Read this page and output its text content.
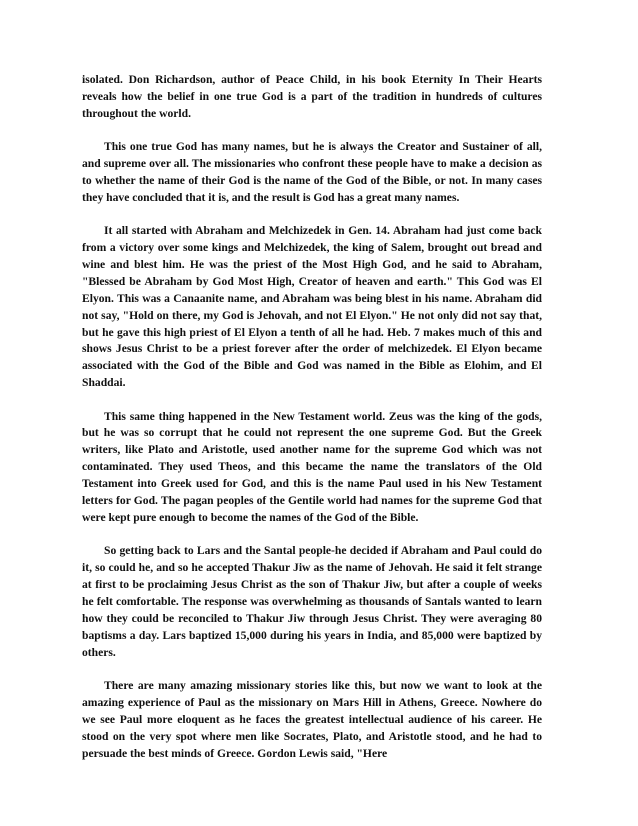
isolated. Don Richardson, author of Peace Child, in his book Eternity In Their Hearts reveals how the belief in one true God is a part of the tradition in hundreds of cultures throughout the world.

This one true God has many names, but he is always the Creator and Sustainer of all, and supreme over all. The missionaries who confront these people have to make a decision as to whether the name of their God is the name of the God of the Bible, or not. In many cases they have concluded that it is, and the result is God has a great many names.

It all started with Abraham and Melchizedek in Gen. 14. Abraham had just come back from a victory over some kings and Melchizedek, the king of Salem, brought out bread and wine and blest him. He was the priest of the Most High God, and he said to Abraham, "Blessed be Abraham by God Most High, Creator of heaven and earth." This God was El Elyon. This was a Canaanite name, and Abraham was being blest in his name. Abraham did not say, "Hold on there, my God is Jehovah, and not El Elyon." He not only did not say that, but he gave this high priest of El Elyon a tenth of all he had. Heb. 7 makes much of this and shows Jesus Christ to be a priest forever after the order of melchizedek. El Elyon became associated with the God of the Bible and God was named in the Bible as Elohim, and El Shaddai.

This same thing happened in the New Testament world. Zeus was the king of the gods, but he was so corrupt that he could not represent the one supreme God. But the Greek writers, like Plato and Aristotle, used another name for the supreme God which was not contaminated. They used Theos, and this became the name the translators of the Old Testament into Greek used for God, and this is the name Paul used in his New Testament letters for God. The pagan peoples of the Gentile world had names for the supreme God that were kept pure enough to become the names of the God of the Bible.

So getting back to Lars and the Santal people-he decided if Abraham and Paul could do it, so could he, and so he accepted Thakur Jiw as the name of Jehovah. He said it felt strange at first to be proclaiming Jesus Christ as the son of Thakur Jiw, but after a couple of weeks he felt comfortable. The response was overwhelming as thousands of Santals wanted to learn how they could be reconciled to Thakur Jiw through Jesus Christ. They were averaging 80 baptisms a day. Lars baptized 15,000 during his years in India, and 85,000 were baptized by others.

There are many amazing missionary stories like this, but now we want to look at the amazing experience of Paul as the missionary on Mars Hill in Athens, Greece. Nowhere do we see Paul more eloquent as he faces the greatest intellectual audience of his career. He stood on the very spot where men like Socrates, Plato, and Aristotle stood, and he had to persuade the best minds of Greece. Gordon Lewis said, "Here
